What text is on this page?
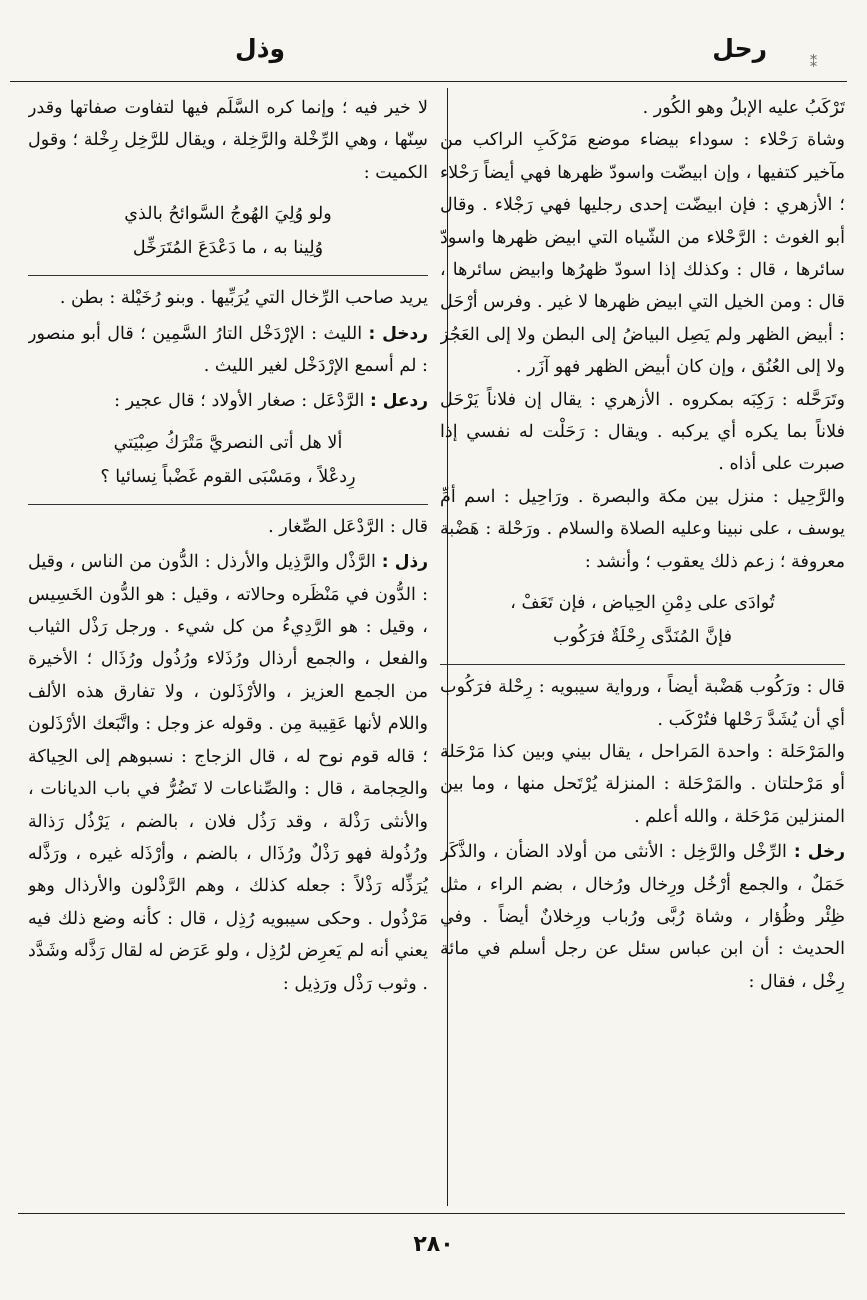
رحل
وذل	⁑

تَرْكَبُ عليه الإبلُ وهو الكُور .

وشاة رَحْلاء : سوداء بيضاء موضع مَرْكَبِ الراكب من مآخير كتفيها ، وإن ابيضّت واسودّ ظهرها فهي أيضاً رَحْلاء ؛ الأزهري : فإن ابيضّت إحدى رجليها فهي رَجْلاء . وقال أبو الغوث : الرَّحْلاء من الشّياه التي ابيض ظهرها واسودّ سائرها ، قال : وكذلك إذا اسودّ ظهرُها وابيض سائرها ، قال : ومن الخيل التي ابيض ظهرها لا غير . وفرس أرْحَل : أبيض الظهر ولم يَصِل البياضُ إلى البطن ولا إلى العَجُز ولا إلى العُنُق ، وإن كان أبيض الظهر فهو آزَر .

وتَرَحَّله : رَكِبَه بمكروه . الأزهري : يقال إن فلاناً يَرْحَل فلاناً بما يكره أي يركبه . ويقال : رَحَلْت له نفسي إذا صبرت على أذاه .

والرَّحِيل : منزل بين مكة والبصرة . ورَاحِيل : اسم أمِّ يوسف ، على نبينا وعليه الصلاة والسلام . ورَحْلة : هَضْبة معروفة ؛ زعم ذلك يعقوب ؛ وأنشد :

تُوادَى على دِمْنِ الحِياض ، فإن تَعَفْ ،
فإنَّ المُنَدَّى رِحْلَةٌ فرَكُوب

قال : ورَكُوب هَضْبة أيضاً ، ورواية سيبويه : رِحْلة فرَكُوب أي أن يُشَدَّ رَحْلها فتُرْكَب .

والمَرْحَلة : واحدة المَراحل ، يقال بيني وبين كذا مَرْحَلة أو مَرْحلتان . والمَرْحَلة : المنزلة يُرْتَحل منها ، وما بين المنزلين مَرْحَلة ، والله أعلم .

رخل : الرِّخْل والرَّخِل : الأنثى من أولاد الضأن ، والذَّكَر حَمَلٌ ، والجمع أرْخُل ورِخال ورُخال ، بضم الراء ، مثل ظِئْر وظُؤار ، وشاة رُبَّى ورُباب ورِخلانٌ أيضاً . وفي الحديث : أن ابن عباس سئل عن رجل أسلم في مائة رِخْل ، فقال :

لا خير فيه ؛ وإنما كره السَّلَم فيها لتفاوت صفاتها وقدر سِنّها ، وهي الرِّخْلة والرَّخِلة ، ويقال للرَّخِل رِخْلة ؛ وقول الكميت :

ولو وُلِيَ الهُوجُ السَّوائحُ بالذي
وُلِينا به ، ما دَعْدَعَ المُتَرَخِّل

يريد صاحب الرِّخال التي يُرَبِّيها . وبنو رُخَيْلة : بطن .

ردخل : الليث : الإرْدَخْل التارُ السَّمِين ؛ قال أبو منصور : لم أسمع الإرْدَخْل لغير الليث .

ردعل : الرَّدْعَل : صغار الأولاد ؛ قال عجير :

ألا هل أتى النصريَّ مَتْرَكُ صِبْيَتي
رِدعْلاً ، ومَسْبَى القوم غَضْباً نِسائيا ؟

قال : الرَّدْعَل الصِّغار .

رذل : الرَّذْل والرَّذِيل والأرذل : الدُّون من الناس ، وقيل : الدُّون في مَنْظَره وحالاته ، وقيل : هو الدُّون الخَسِيس ، وقيل : هو الرَّدِيءُ من كل شيء . ورجل رَذْل الثياب والفعل ، والجمع أرذال ورُذَلاء ورُذُول ورُذَال ؛ الأخيرة من الجمع العزيز ، والأرْذَلون ، ولا تفارق هذه الألف واللام لأنها عَقِيبة مِن . وقوله عز وجل : واتَّبَعك الأرْذَلون ؛ قاله قوم نوح له ، قال الزجاج : نسبوهم إلى الحِياكة والحِجامة ، قال : والصِّناعات لا تَضُرُّ في باب الديانات ، والأنثى رَذْلة ، وقد رَذُل فلان ، بالضم ، يَرْذُل رَذالة ورُذُولة فهو رَذْلٌ ورُذَال ، بالضم ، وأرْذَله غيره ، ورَذَّله يُرَذِّله رَذْلاً : جعله كذلك ، وهم الرَّذْلون والأرذال وهو مَرْذُول . وحكى سيبويه رُذِل ، قال : كأنه وضع ذلك فيه يعني أنه لم يَعرِض لرُذِل ، ولو عَرَض له لقال رَذَّله وشَدَّد . وثوب رَذْل ورَذِيل :

٢٨٠
